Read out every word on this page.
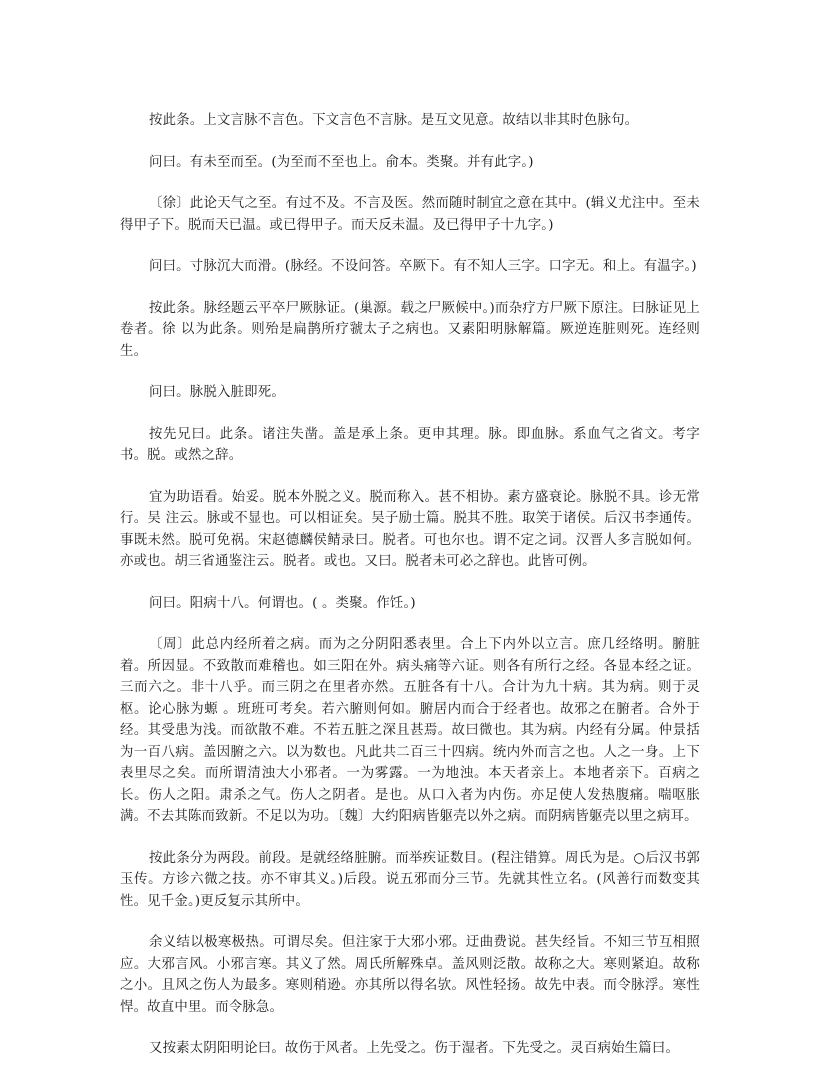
按此条。上文言脉不言色。下文言色不言脉。是互文见意。故结以非其时色脉句。

问曰。有未至而至。(为至而不至也上。俞本。类聚。并有此字。)

〔徐〕此论天气之至。有过不及。不言及医。然而随时制宜之意在其中。(辑义尤注中。至未得甲子下。脱而天已温。或已得甲子。而天反未温。及已得甲子十九字。)

问曰。寸脉沉大而滑。(脉经。不设问答。卒厥下。有不知人三字。口字无。和上。有温字。)

按此条。脉经题云平卒尸厥脉证。(巢源。载之尸厥候中。)而杂疗方尸厥下原注。曰脉证见上卷者。徐 以为此条。则殆是扁鹊所疗虢太子之病也。又素阳明脉解篇。厥逆连脏则死。连经则生。

问曰。脉脱入脏即死。

按先兄曰。此条。诸注失凿。盖是承上条。更申其理。脉。即血脉。系血气之省文。考字书。脱。或然之辞。

宜为助语看。始妥。脱本外脱之义。脱而称入。甚不相协。素方盛衰论。脉脱不具。诊无常行。吴 注云。脉或不显也。可以相证矣。吴子励士篇。脱其不胜。取笑于诸侯。后汉书李通传。事既未然。脱可免祸。宋赵德麟侯鲭录曰。脱者。可也尔也。谓不定之词。汉晋人多言脱如何。亦或也。胡三省通鉴注云。脱者。或也。又曰。脱者未可必之辞也。此皆可例。

问曰。阳病十八。何谓也。( 。类聚。作饪。)

〔周〕此总内经所着之病。而为之分阴阳悉表里。合上下内外以立言。庶几经络明。腑脏着。所因显。不致散而难稽也。如三阳在外。病头痛等六证。则各有所行之经。各显本经之证。三而六之。非十八乎。而三阴之在里者亦然。五脏各有十八。合计为九十病。其为病。则于灵枢。论心脉为螈 。班班可考矣。若六腑则何如。腑居内而合于经者也。故邪之在腑者。合外于经。其受患为浅。而欲散不难。不若五脏之深且甚焉。故曰微也。其为病。内经有分属。仲景括为一百八病。盖因腑之六。以为数也。凡此共二百三十四病。统内外而言之也。人之一身。上下表里尽之矣。而所谓清浊大小邪者。一为雾露。一为地浊。本天者亲上。本地者亲下。百病之长。伤人之阳。肃杀之气。伤人之阴者。是也。从口入者为内伤。亦足使人发热腹痛。喘呕胀满。不去其陈而致新。不足以为功。〔魏〕大约阳病皆躯壳以外之病。而阴病皆躯壳以里之病耳。

按此条分为两段。前段。是就经络脏腑。而举疾证数目。(程注错算。周氏为是。○后汉书郭玉传。方诊六微之技。亦不审其义。)后段。说五邪而分三节。先就其性立名。(风善行而数变其性。见千金。)更反复示其所中。

余义结以极寒极热。可谓尽矣。但注家于大邪小邪。迂曲费说。甚失经旨。不知三节互相照应。大邪言风。小邪言寒。其义了然。周氏所解殊卓。盖风则泛散。故称之大。寒则紧迫。故称之小。且风之伤人为最多。寒则稍逊。亦其所以得名欤。风性轻扬。故先中表。而令脉浮。寒性 悍。故直中里。而令脉急。

又按素太阴阳明论曰。故伤于风者。上先受之。伤于湿者。下先受之。灵百病始生篇曰。
